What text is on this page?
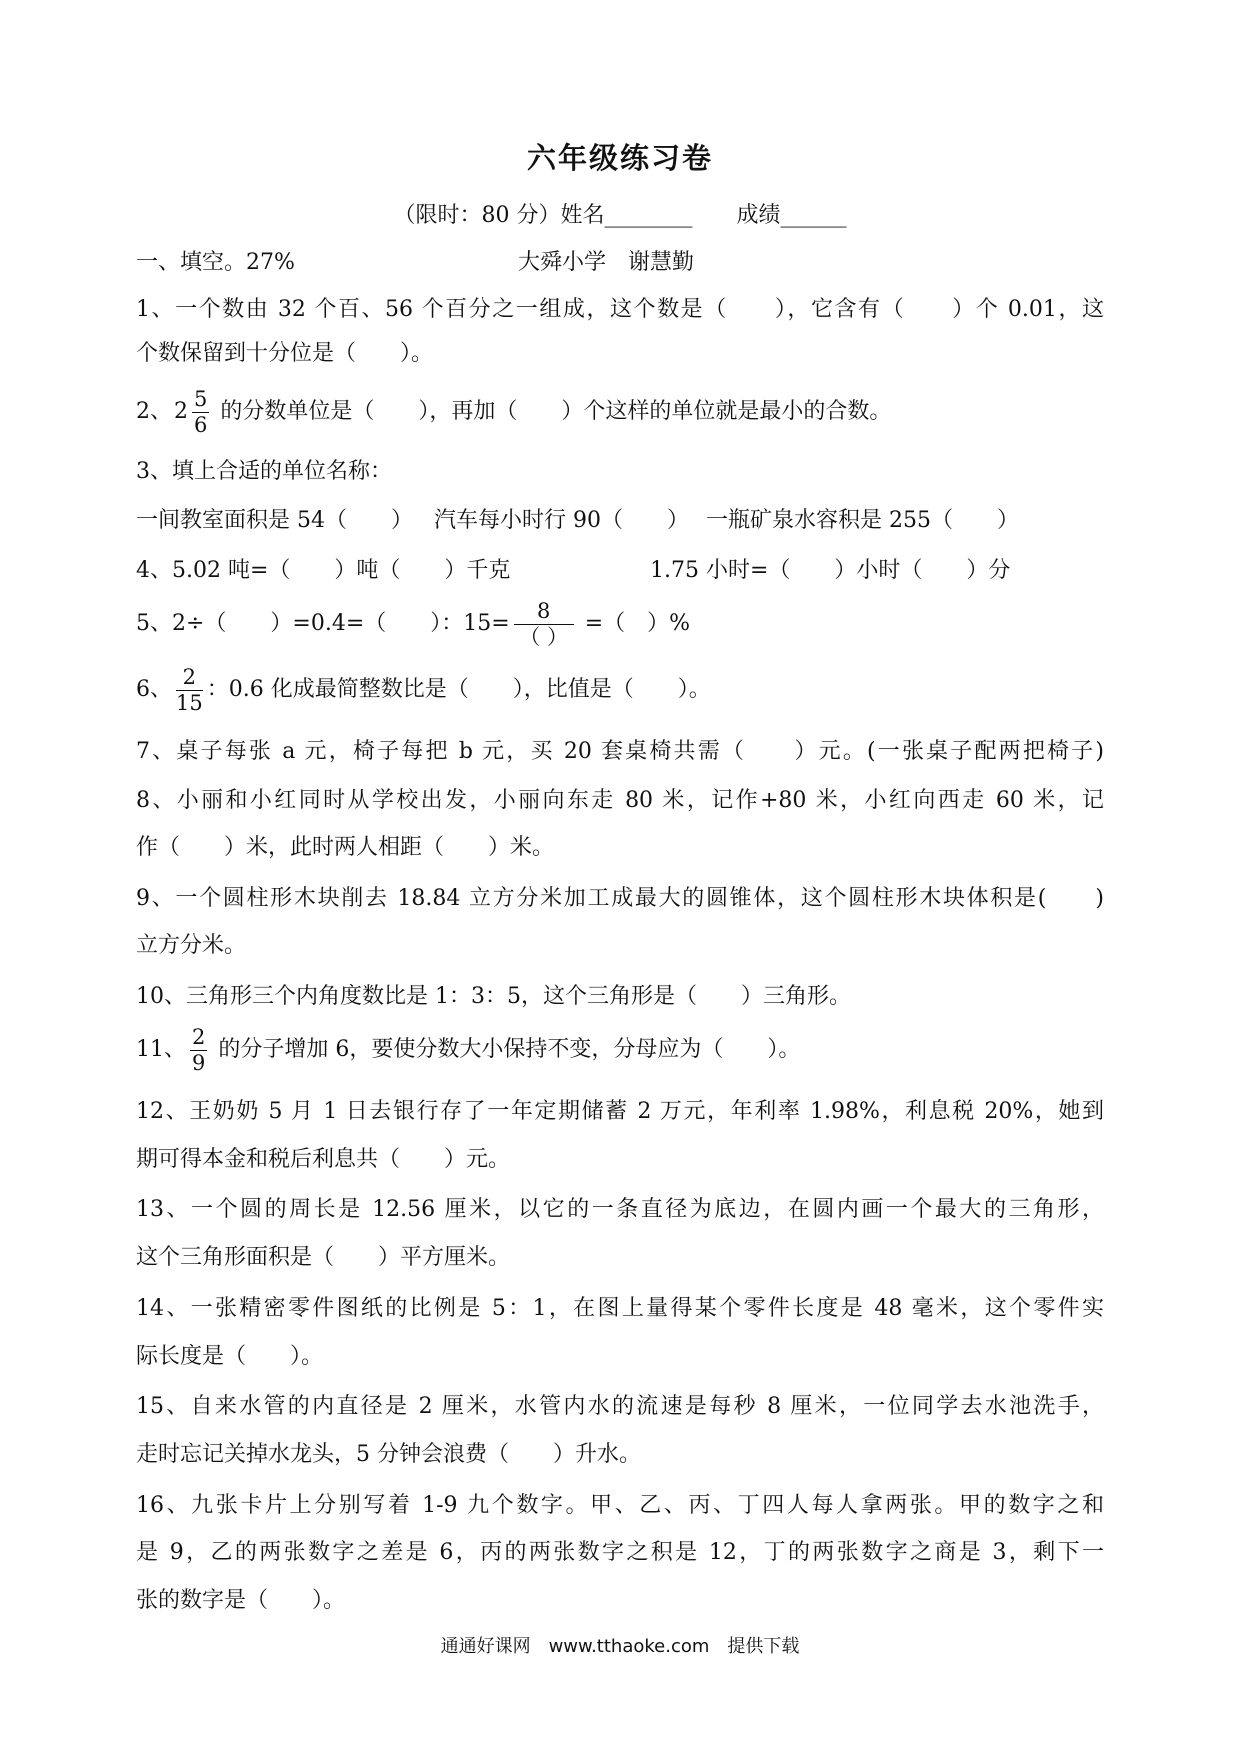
六年级练习卷
（限时：80 分）姓名________ 成绩______
一、填空。27%	大舜小学　谢慧勤
1、一个数由 32 个百、56 个百分之一组成，这个数是（　　），它含有（　　）个 0.01，这
个数保留到十分位是（　　）。
2、$2 \frac{5}{6}$ 的分数单位是（　　），再加（　　）个这样的单位就是最小的合数。
3、填上合适的单位名称：
一间教室面积是 54（　　） 汽车每小时行 90（　　） 一瓶矿泉水容积是 255（　　）
4、5.02 吨=（　　）吨（　　）千克	1.75 小时=（　　）小时（　　）分
5、2÷（　　）=0.4=（　　）：$15= \frac{8}{( )}$ =（　）%
6、 $\frac{2}{15}$ ：0.6 化成最简整数比是（　　），比值是（　　）。
7、桌子每张 a 元，椅子每把 b 元，买 20 套桌椅共需（　　）元。(一张桌子配两把椅子)
8、小丽和小红同时从学校出发，小丽向东走 80 米，记作+80 米，小红向西走 60 米，记
作（　　）米，此时两人相距（　　）米。
9、一个圆柱形木块削去 18.84 立方分米加工成最大的圆锥体，这个圆柱形木块体积是(　　)
立方分米。
10、三角形三个内角度数比是 1：3：5，这个三角形是（　　）三角形。
11、 $\frac{2}{9}$ 的分子增加 6，要使分数大小保持不变，分母应为（　　）。
12、王奶奶 5 月 1 日去银行存了一年定期储蓄 2 万元，年利率 1.98%，利息税 20%，她到
期可得本金和税后利息共（　　）元。
13、一个圆的周长是 12.56 厘米，以它的一条直径为底边，在圆内画一个最大的三角形，
这个三角形面积是（　　）平方厘米。
14、一张精密零件图纸的比例是 5：1，在图上量得某个零件长度是 48 毫米，这个零件实
际长度是（　　）。
15、自来水管的内直径是 2 厘米，水管内水的流速是每秒 8 厘米，一位同学去水池洗手，
走时忘记关掉水龙头，5 分钟会浪费（　　）升水。
16、九张卡片上分别写着 1-9 九个数字。甲、乙、丙、丁四人每人拿两张。甲的数字之和
是 9，乙的两张数字之差是 6，丙的两张数字之积是 12，丁的两张数字之商是 3，剩下一
张的数字是（　　）。
通通好课网　www.tthaoke.com　提供下载
